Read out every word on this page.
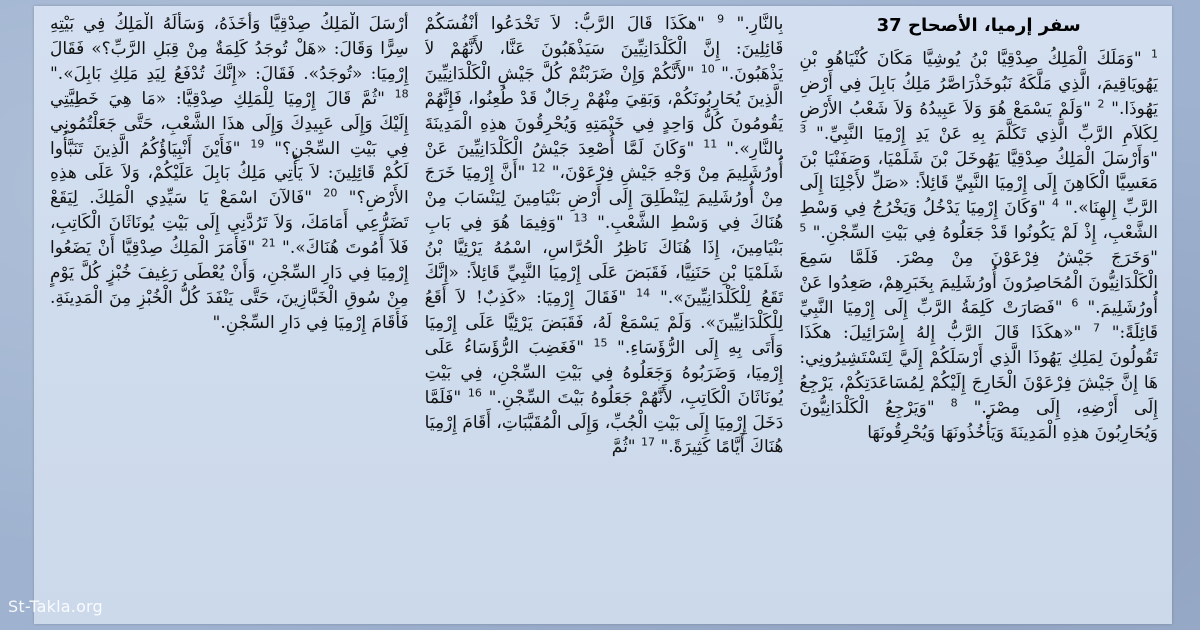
سفر إرميا، الأصحاح 37

$^1$ "وَمَلَكَ الْمَلِكُ صِدْقِيَّا بْنُ يُوشِيَّا مَكَانَ كُنْيَاهُو بْنِ يَهُويَاقِيمَ، الَّذِي مَلَّكَهُ نَبُوخَذْرَاصَّرُ مَلِكُ بَابِلَ فِي أَرْضِ يَهُوذَا." $^2$ "وَلَمْ يَسْمَعْ هُوَ وَلاَ عَبِيدُهُ وَلاَ شَعْبُ الأَرْضِ لِكَلاَمِ الرَّبِّ الَّذِي تَكَلَّمَ بِهِ عَنْ يَدِ إِرْمِيَا النَّبِيِّ." $^3$ "وَأَرْسَلَ الْمَلِكُ صِدْقِيَّا يَهُوخَلَ بْنَ شَلَمْيَا، وَصَفَنْيَا بْنَ مَعَسِيَّا الْكَاهِنَ إِلَى إِرْمِيَا النَّبِيِّ قَائِلاً: «صَلِّ لأَجْلِنَا إِلَى الرَّبِّ إِلهِنَا»." $^4$ "وَكَانَ إِرْمِيَا يَدْخُلُ وَيَخْرُجُ فِي وَسْطِ الشَّعْبِ، إِذْ لَمْ يَكُونُوا قَدْ جَعَلُوهُ فِي بَيْتِ السِّجْنِ." $^5$ "وَخَرَجَ جَيْشُ فِرْعَوْنَ مِنْ مِصْرَ. فَلَمَّا سَمِعَ الْكَلْدَانِيُّونَ الْمُحَاصِرُونَ أُورُشَلِيمَ بِخَبَرِهِمْ، صَعِدُوا عَنْ أُورُشَلِيمَ." $^6$ "فَصَارَتْ كَلِمَةُ الرَّبِّ إِلَى إِرْمِيَا النَّبِيِّ قَائِلَةً:" $^7$ "«هكَذَا قَالَ الرَّبُّ إِلهُ إِسْرَائِيلَ: هكَذَا تَقُولُونَ لِمَلِكِ يَهُوذَا الَّذِي أَرْسَلَكُمْ إِلَيَّ لِتَسْتَشِيرُونِي: هَا إِنَّ جَيْشَ فِرْعَوْنَ الْخَارِجَ إِلَيْكُمْ لِمُسَاعَدَتِكُمْ، يَرْجِعُ إِلَى أَرْضِهِ، إِلَى مِصْرَ." $^8$ "وَيَرْجِعُ الْكَلْدَانِيُّونَ وَيُحَارِبُونَ هذِهِ الْمَدِينَةَ وَيَأْخُذُونَهَا وَيُحْرِقُونَهَا

بِالنَّارِ." $^9$ "هكَذَا قَالَ الرَّبُّ: لاَ تَخْدَعُوا أَنْفُسَكُمْ قَائِلِينَ: إِنَّ الْكَلْدَانِيِّينَ سَيَذْهَبُونَ عَنَّا، لأَنَّهُمْ لاَ يَذْهَبُونَ." $^{10}$ "لأَنَّكُمْ وَإِنْ ضَرَبْتُمْ كُلَّ جَيْشِ الْكَلْدَانِيِّينَ الَّذِينَ يُحَارِبُونَكُمْ، وَبَقِيَ مِنْهُمْ رِجَالٌ قَدْ طُعِنُوا، فَإِنَّهُمْ يَقُومُونَ كُلُّ وَاحِدٍ فِي خَيْمَتِهِ وَيُحْرِقُونَ هذِهِ الْمَدِينَةَ بِالنَّارِ»." $^{11}$ "وَكَانَ لَمَّا أُصْعِدَ جَيْشُ الْكَلْدَانِيِّينَ عَنْ أُورُشَلِيمَ مِنْ وَجْهِ جَيْشِ فِرْعَوْنَ،" $^{12}$ "أَنَّ إِرْمِيَا خَرَجَ مِنْ أُورُشَلِيمَ لِيَنْطَلِقَ إِلَى أَرْضِ بَنْيَامِينَ لِيَنْسَابَ مِنْ هُنَاكَ فِي وَسْطِ الشَّعْبِ." $^{13}$ "وَفِيمَا هُوَ فِي بَابِ بَنْيَامِينَ، إِذَا هُنَاكَ نَاظِرُ الْحُرَّاسِ، اسْمُهُ يَرْئِيَّا بْنُ شَلَمْيَا بْنِ حَنَنِيَّا، فَقَبَضَ عَلَى إِرْمِيَا النَّبِيِّ قَائِلاً: «إِنَّكَ تَقَعُ لِلْكَلْدَانِيِّينَ»." $^{14}$ "فَقَالَ إِرْمِيَا: «كَذِبٌ! لاَ أَقَعُ لِلْكَلْدَانِيِّينَ». وَلَمْ يَسْمَعْ لَهُ، فَقَبَضَ يَرْئِيَّا عَلَى إِرْمِيَا وَأَتَى بِهِ إِلَى الرُّؤَسَاءِ." $^{15}$ "فَغَضِبَ الرُّؤَسَاءُ عَلَى إِرْمِيَا، وَضَرَبُوهُ وَجَعَلُوهُ فِي بَيْتِ السِّجْنِ، فِي بَيْتِ يُونَاثَانَ الْكَاتِبِ، لأَنَّهُمْ جَعَلُوهُ بَيْتَ السِّجْنِ." $^{16}$ "فَلَمَّا دَخَلَ إِرْمِيَا إِلَى بَيْتِ الْجُبِّ، وَإِلَى الْمُقَبَّبَاتِ، أَقَامَ إِرْمِيَا هُنَاكَ أَيَّامًا كَثِيرَةً." $^{17}$ "ثُمَّ

أَرْسَلَ الْمَلِكُ صِدْقِيَّا وَأَخَذَهُ، وَسَأَلَهُ الْمَلِكُ فِي بَيْتِهِ سِرًّا وَقَالَ: «هَلْ تُوجَدُ كَلِمَةٌ مِنْ قِبَلِ الرَّبِّ؟» فَقَالَ إِرْمِيَا: «تُوجَدُ». فَقَالَ: «إِنَّكَ تُدْفَعُ لِيَدِ مَلِكِ بَابِلَ»." $^{18}$ "ثُمَّ قَالَ إِرْمِيَا لِلْمَلِكِ صِدْقِيَّا: «مَا هِيَ خَطِيَّتِي إِلَيْكَ وَإِلَى عَبِيدِكَ وَإِلَى هذَا الشَّعْبِ، حَتَّى جَعَلْتُمُونِي فِي بَيْتِ السِّجْنِ؟" $^{19}$ "فَأَيْنَ أَنْبِيَاؤُكُمُ الَّذِينَ تَنَبَّأُوا لَكُمْ قَائِلِينَ: لاَ يَأْتِي مَلِكُ بَابِلَ عَلَيْكُمْ، وَلاَ عَلَى هذِهِ الأَرْضِ؟" $^{20}$ "فَالآنَ اسْمَعْ يَا سَيِّدِي الْمَلِكَ. لِيَقَعْ تَضَرُّعِي أَمَامَكَ، وَلاَ تَرُدَّنِي إِلَى بَيْتِ يُونَاثَانَ الْكَاتِبِ، فَلاَ أَمُوتَ هُنَاكَ»." $^{21}$ "فَأَمَرَ الْمَلِكُ صِدْقِيَّا أَنْ يَضَعُوا إِرْمِيَا فِي دَارِ السِّجْنِ، وَأَنْ يُعْطَى رَغِيفَ خُبْزٍ كُلَّ يَوْمٍ مِنْ سُوقِ الْخَبَّازِينَ، حَتَّى يَنْفَدَ كُلُّ الْخُبْزِ مِنَ الْمَدِينَةِ. فَأَقَامَ إِرْمِيَا فِي دَارِ السِّجْنِ."

St-Takla.org
